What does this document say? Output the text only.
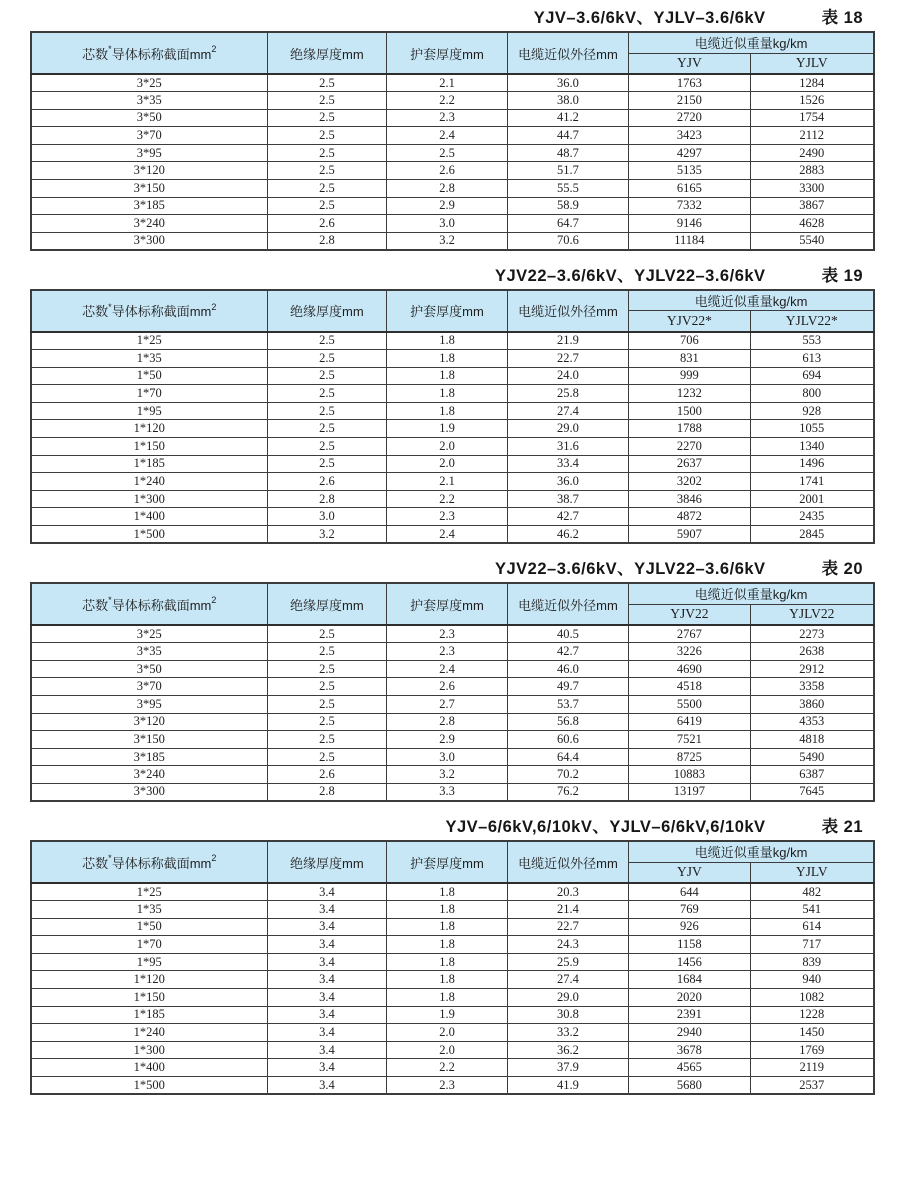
YJV–3.6/6kV、YJLV–3.6/6kV	表 18
芯数*导体标称截面$mm^2$	绝缘厚度mm	护套厚度mm	电缆近似外径mm	电缆近似重量kg/km	
				YJV	YJLV
3*25	2.5	2.1	36.0	1763	1284
3*35	2.5	2.2	38.0	2150	1526
3*50	2.5	2.3	41.2	2720	1754
3*70	2.5	2.4	44.7	3423	2112
3*95	2.5	2.5	48.7	4297	2490
3*120	2.5	2.6	51.7	5135	2883
3*150	2.5	2.8	55.5	6165	3300
3*185	2.5	2.9	58.9	7332	3867
3*240	2.6	3.0	64.7	9146	4628
3*300	2.8	3.2	70.6	11184	5540
YJV22–3.6/6kV、YJLV22–3.6/6kV	表 19
芯数*导体标称截面$mm^2$	绝缘厚度mm	护套厚度mm	电缆近似外径mm	电缆近似重量kg/km	
				YJV22*	YJLV22*
1*25	2.5	1.8	21.9	706	553
1*35	2.5	1.8	22.7	831	613
1*50	2.5	1.8	24.0	999	694
1*70	2.5	1.8	25.8	1232	800
1*95	2.5	1.8	27.4	1500	928
1*120	2.5	1.9	29.0	1788	1055
1*150	2.5	2.0	31.6	2270	1340
1*185	2.5	2.0	33.4	2637	1496
1*240	2.6	2.1	36.0	3202	1741
1*300	2.8	2.2	38.7	3846	2001
1*400	3.0	2.3	42.7	4872	2435
1*500	3.2	2.4	46.2	5907	2845
YJV22–3.6/6kV、YJLV22–3.6/6kV	表 20
芯数*导体标称截面$mm^2$	绝缘厚度mm	护套厚度mm	电缆近似外径mm	电缆近似重量kg/km	
				YJV22	YJLV22
3*25	2.5	2.3	40.5	2767	2273
3*35	2.5	2.3	42.7	3226	2638
3*50	2.5	2.4	46.0	4690	2912
3*70	2.5	2.6	49.7	4518	3358
3*95	2.5	2.7	53.7	5500	3860
3*120	2.5	2.8	56.8	6419	4353
3*150	2.5	2.9	60.6	7521	4818
3*185	2.5	3.0	64.4	8725	5490
3*240	2.6	3.2	70.2	10883	6387
3*300	2.8	3.3	76.2	13197	7645
YJV–6/6kV,6/10kV、YJLV–6/6kV,6/10kV	表 21
芯数*导体标称截面$mm^2$	绝缘厚度mm	护套厚度mm	电缆近似外径mm	电缆近似重量kg/km	
				YJV	YJLV
1*25	3.4	1.8	20.3	644	482
1*35	3.4	1.8	21.4	769	541
1*50	3.4	1.8	22.7	926	614
1*70	3.4	1.8	24.3	1158	717
1*95	3.4	1.8	25.9	1456	839
1*120	3.4	1.8	27.4	1684	940
1*150	3.4	1.8	29.0	2020	1082
1*185	3.4	1.9	30.8	2391	1228
1*240	3.4	2.0	33.2	2940	1450
1*300	3.4	2.0	36.2	3678	1769
1*400	3.4	2.2	37.9	4565	2119
1*500	3.4	2.3	41.9	5680	2537
